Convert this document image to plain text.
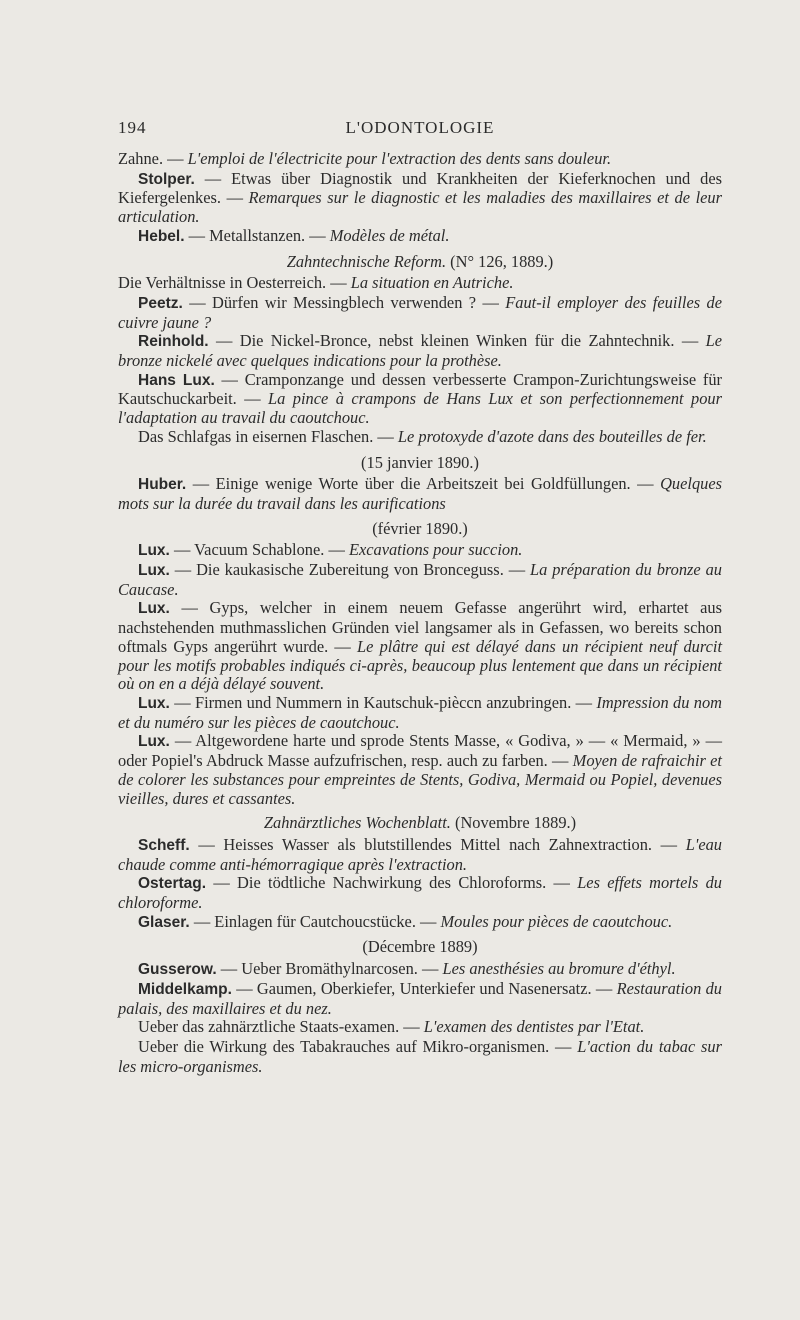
194	L'ODONTOLOGIE

Zahne. — L'emploi de l'électricite pour l'extraction des dents sans douleur.

Stolper. — Etwas über Diagnostik und Krankheiten der Kieferknochen und des Kiefergelenkes. — Remarques sur le diagnostic et les maladies des maxillaires et de leur articulation.

Hebel. — Metallstanzen. — Modèles de métal.

Zahntechnische Reform. (N° 126, 1889.)

Die Verhältnisse in Oesterreich. — La situation en Autriche.

Peetz. — Dürfen wir Messingblech verwenden ? — Faut-il employer des feuilles de cuivre jaune ?

Reinhold. — Die Nickel-Bronce, nebst kleinen Winken für die Zahntechnik. — Le bronze nickelé avec quelques indications pour la prothèse.

Hans Lux. — Cramponzange und dessen verbesserte Crampon-Zurichtungsweise für Kautschuckarbeit. — La pince à crampons de Hans Lux et son perfectionnement pour l'adaptation au travail du caoutchouc.

Das Schlafgas in eisernen Flaschen. — Le protoxyde d'azote dans des bouteilles de fer.

(15 janvier 1890.)

Huber. — Einige wenige Worte über die Arbeitszeit bei Goldfüllungen. — Quelques mots sur la durée du travail dans les aurifications

(février 1890.)

Lux. — Vacuum Schablone. — Excavations pour succion.

Lux. — Die kaukasische Zubereitung von Bronceguss. — La préparation du bronze au Caucase.

Lux. — Gyps, welcher in einem neuem Gefasse angerührt wird, erhartet aus nachstehenden muthmasslichen Gründen viel langsamer als in Gefassen, wo bereits schon oftmals Gyps angerührt wurde. — Le plâtre qui est délayé dans un récipient neuf durcit pour les motifs probables indiqués ci-après, beaucoup plus lentement que dans un récipient où on en a déjà délayé souvent.

Lux. — Firmen und Nummern in Kautschuk-pièccn anzubringen. — Impression du nom et du numéro sur les pièces de caoutchouc.

Lux. — Altgewordene harte und sprode Stents Masse, « Godiva, » — « Mermaid, » — oder Popiel's Abdruck Masse aufzufrischen, resp. auch zu farben. — Moyen de rafraichir et de colorer les substances pour empreintes de Stents, Godiva, Mermaid ou Popiel, devenues vieilles, dures et cassantes.

Zahnärztliches Wochenblatt. (Novembre 1889.)

Scheff. — Heisses Wasser als blutstillendes Mittel nach Zahnextraction. — L'eau chaude comme anti-hémorragique après l'extraction.

Ostertag. — Die tödtliche Nachwirkung des Chloroforms. — Les effets mortels du chloroforme.

Glaser. — Einlagen für Cautchoucstücke. — Moules pour pièces de caoutchouc.

(Décembre 1889)

Gusserow. — Ueber Bromäthylnarcosen. — Les anesthésies au bromure d'éthyl.

Middelkamp. — Gaumen, Oberkiefer, Unterkiefer und Nasenersatz. — Restauration du palais, des maxillaires et du nez.

Ueber das zahnärztliche Staats-examen. — L'examen des dentistes par l'Etat.

Ueber die Wirkung des Tabakrauches auf Mikro-organismen. — L'action du tabac sur les micro-organismes.
